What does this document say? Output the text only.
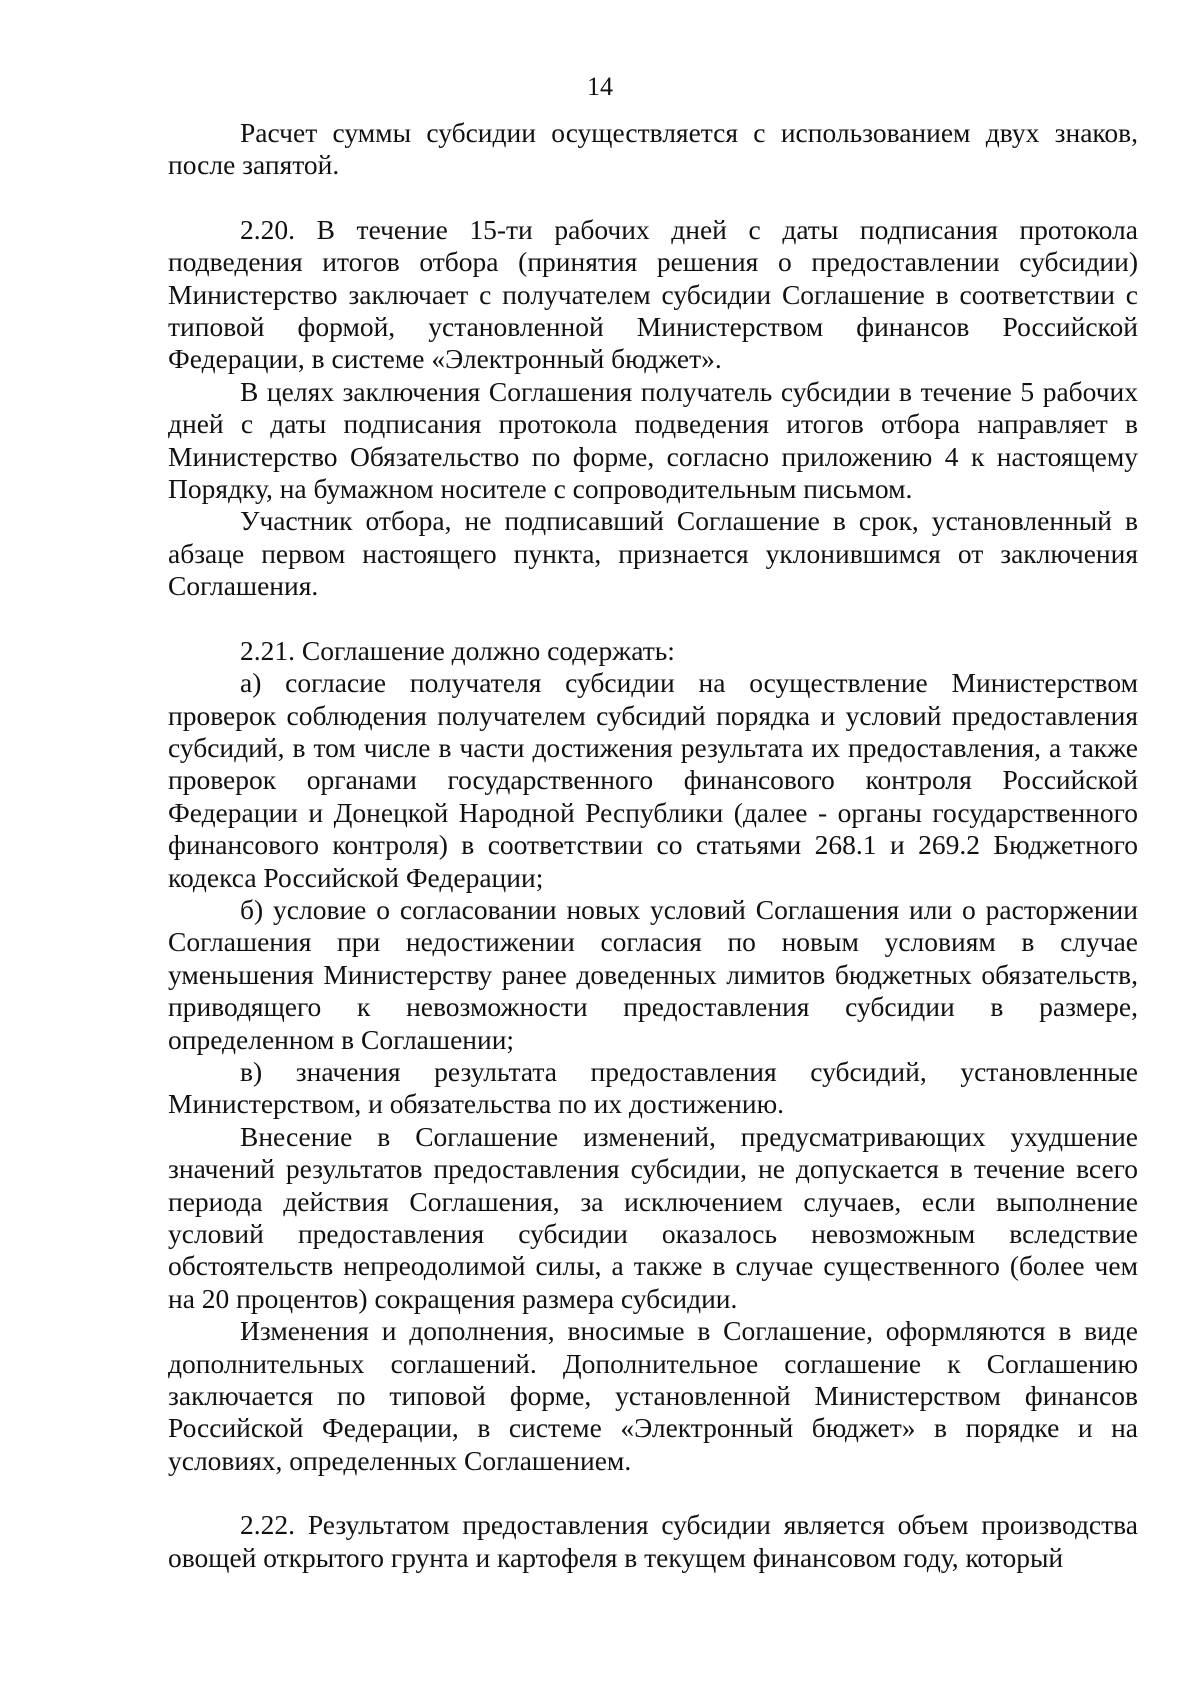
14

Расчет суммы субсидии осуществляется с использованием двух знаков, после запятой.

2.20. В течение 15-ти рабочих дней с даты подписания протокола подведения итогов отбора (принятия решения о предоставлении субсидии) Министерство заключает с получателем субсидии Соглашение в соответствии с типовой формой, установленной Министерством финансов Российской Федерации, в системе «Электронный бюджет».

В целях заключения Соглашения получатель субсидии в течение 5 рабочих дней с даты подписания протокола подведения итогов отбора направляет в Министерство Обязательство по форме, согласно приложению 4 к настоящему Порядку, на бумажном носителе с сопроводительным письмом.

Участник отбора, не подписавший Соглашение в срок, установленный в абзаце первом настоящего пункта, признается уклонившимся от заключения Соглашения.

2.21. Соглашение должно содержать:

а) согласие получателя субсидии на осуществление Министерством проверок соблюдения получателем субсидий порядка и условий предоставления субсидий, в том числе в части достижения результата их предоставления, а также проверок органами государственного финансового контроля Российской Федерации и Донецкой Народной Республики (далее - органы государственного финансового контроля) в соответствии со статьями 268.1 и 269.2 Бюджетного кодекса Российской Федерации;

б) условие о согласовании новых условий Соглашения или о расторжении Соглашения при недостижении согласия по новым условиям в случае уменьшения Министерству ранее доведенных лимитов бюджетных обязательств, приводящего к невозможности предоставления субсидии в размере, определенном в Соглашении;

в) значения результата предоставления субсидий, установленные Министерством, и обязательства по их достижению.

Внесение в Соглашение изменений, предусматривающих ухудшение значений результатов предоставления субсидии, не допускается в течение всего периода действия Соглашения, за исключением случаев, если выполнение условий предоставления субсидии оказалось невозможным вследствие обстоятельств непреодолимой силы, а также в случае существенного (более чем на 20 процентов) сокращения размера субсидии.

Изменения и дополнения, вносимые в Соглашение, оформляются в виде дополнительных соглашений. Дополнительное соглашение к Соглашению заключается по типовой форме, установленной Министерством финансов Российской Федерации, в системе «Электронный бюджет» в порядке и на условиях, определенных Соглашением.

2.22. Результатом предоставления субсидии является объем производства овощей открытого грунта и картофеля в текущем финансовом году, который
